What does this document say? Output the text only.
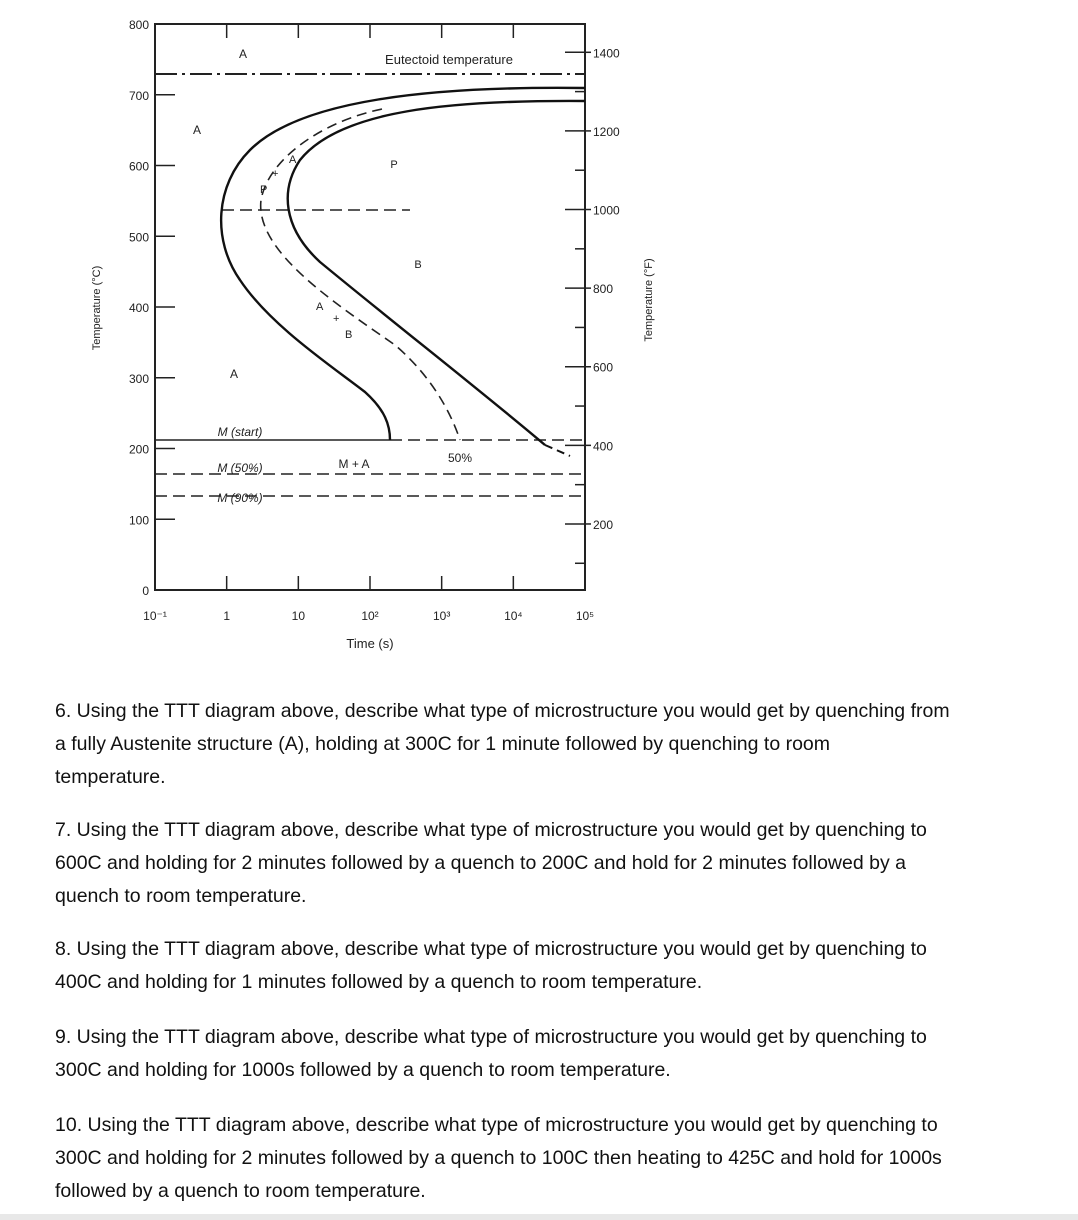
800
700
600
500
400
300
200
100
0
1400
1200
1000
800
600
400
200
10⁻¹	1	10	10²	10³	10⁴	10⁵
Time (s)
Temperature (°C)	Temperature (°F)
A
A
A
P
B
P
+
A
A
+
B
M + A	50%
Eutectoid temperature
M (start)
M (50%)
M (90%)
6. Using the TTT diagram above, describe what type of microstructure you would get by quenching from
a fully Austenite structure (A), holding at 300C for 1 minute followed by quenching to room
temperature.
7. Using the TTT diagram above, describe what type of microstructure you would get by quenching to
600C and holding for 2 minutes followed by a quench to 200C and hold for 2 minutes followed by a
quench to room temperature.
8. Using the TTT diagram above, describe what type of microstructure you would get by quenching to
400C and holding for 1 minutes followed by a quench to room temperature.
9. Using the TTT diagram above, describe what type of microstructure you would get by quenching to
300C and holding for 1000s followed by a quench to room temperature.
10. Using the TTT diagram above, describe what type of microstructure you would get by quenching to
300C and holding for 2 minutes followed by a quench to 100C then heating to 425C and hold for 1000s
followed by a quench to room temperature.
